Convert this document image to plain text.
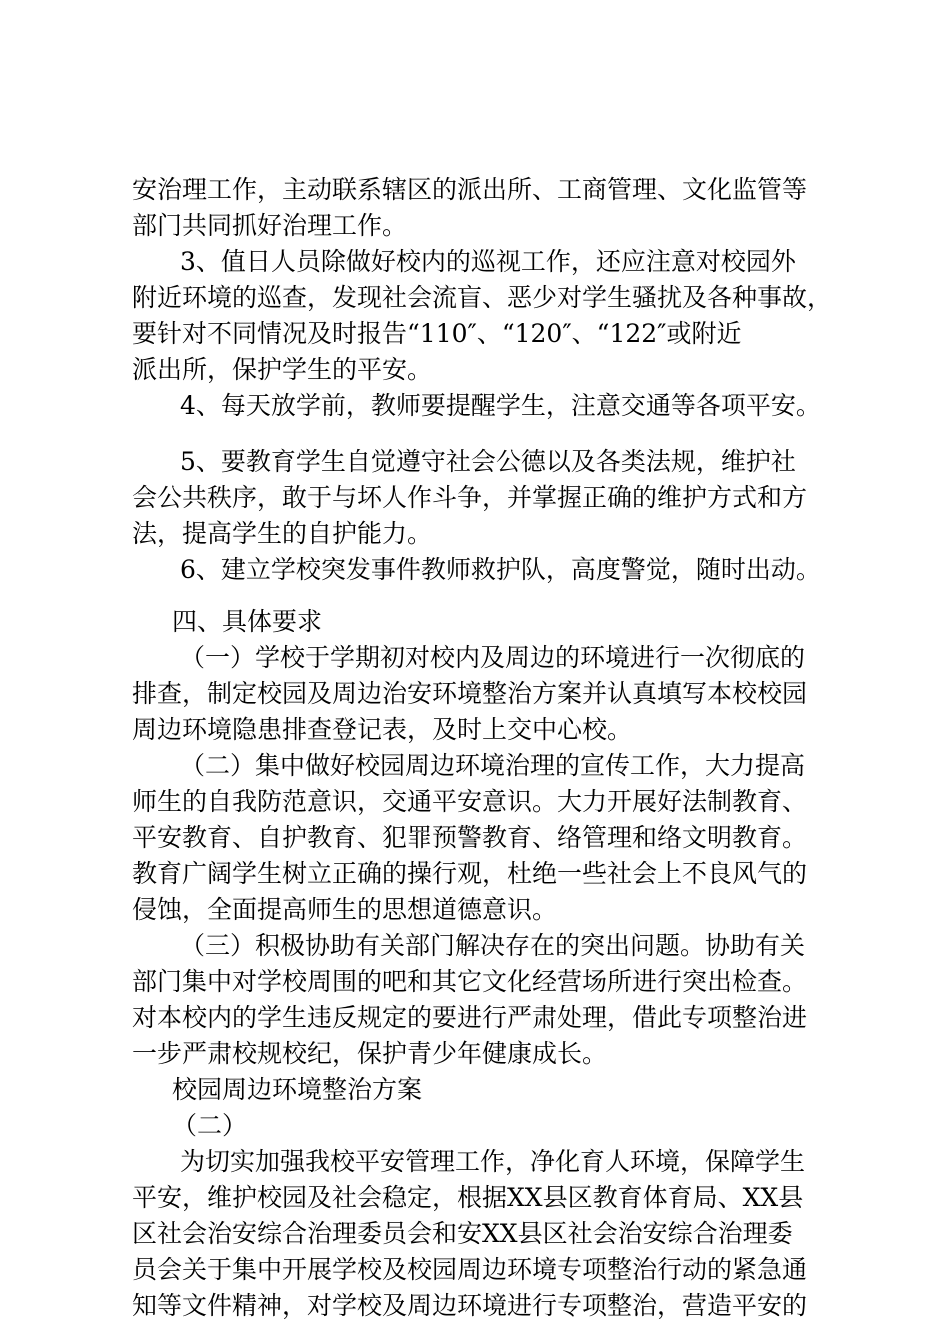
安治理工作，主动联系辖区的派出所、工商管理、文化监管等
部门共同抓好治理工作。
3、值日人员除做好校内的巡视工作，还应注意对校园外
附近环境的巡查，发现社会流盲、恶少对学生骚扰及各种事故，
要针对不同情况及时报告“110″、“120″、“122″或附近
派出所，保护学生的平安。
4、每天放学前，教师要提醒学生，注意交通等各项平安。
5、要教育学生自觉遵守社会公德以及各类法规，维护社
会公共秩序，敢于与坏人作斗争，并掌握正确的维护方式和方
法，提高学生的自护能力。
6、建立学校突发事件教师救护队，高度警觉，随时出动。
四、具体要求
（一）学校于学期初对校内及周边的环境进行一次彻底的
排查，制定校园及周边治安环境整治方案并认真填写本校校园
周边环境隐患排查登记表，及时上交中心校。
（二）集中做好校园周边环境治理的宣传工作，大力提高
师生的自我防范意识，交通平安意识。大力开展好法制教育、
平安教育、自护教育、犯罪预警教育、络管理和络文明教育。
教育广阔学生树立正确的操行观，杜绝一些社会上不良风气的
侵蚀，全面提高师生的思想道德意识。
（三）积极协助有关部门解决存在的突出问题。协助有关
部门集中对学校周围的吧和其它文化经营场所进行突出检查。
对本校内的学生违反规定的要进行严肃处理，借此专项整治进
一步严肃校规校纪，保护青少年健康成长。
校园周边环境整治方案
（二）
为切实加强我校平安管理工作，净化育人环境，保障学生
平安，维护校园及社会稳定，根据XX县区教育体育局、XX县
区社会治安综合治理委员会和安XX县区社会治安综合治理委
员会关于集中开展学校及校园周边环境专项整治行动的紧急通
知等文件精神，对学校及周边环境进行专项整治，营造平安的
